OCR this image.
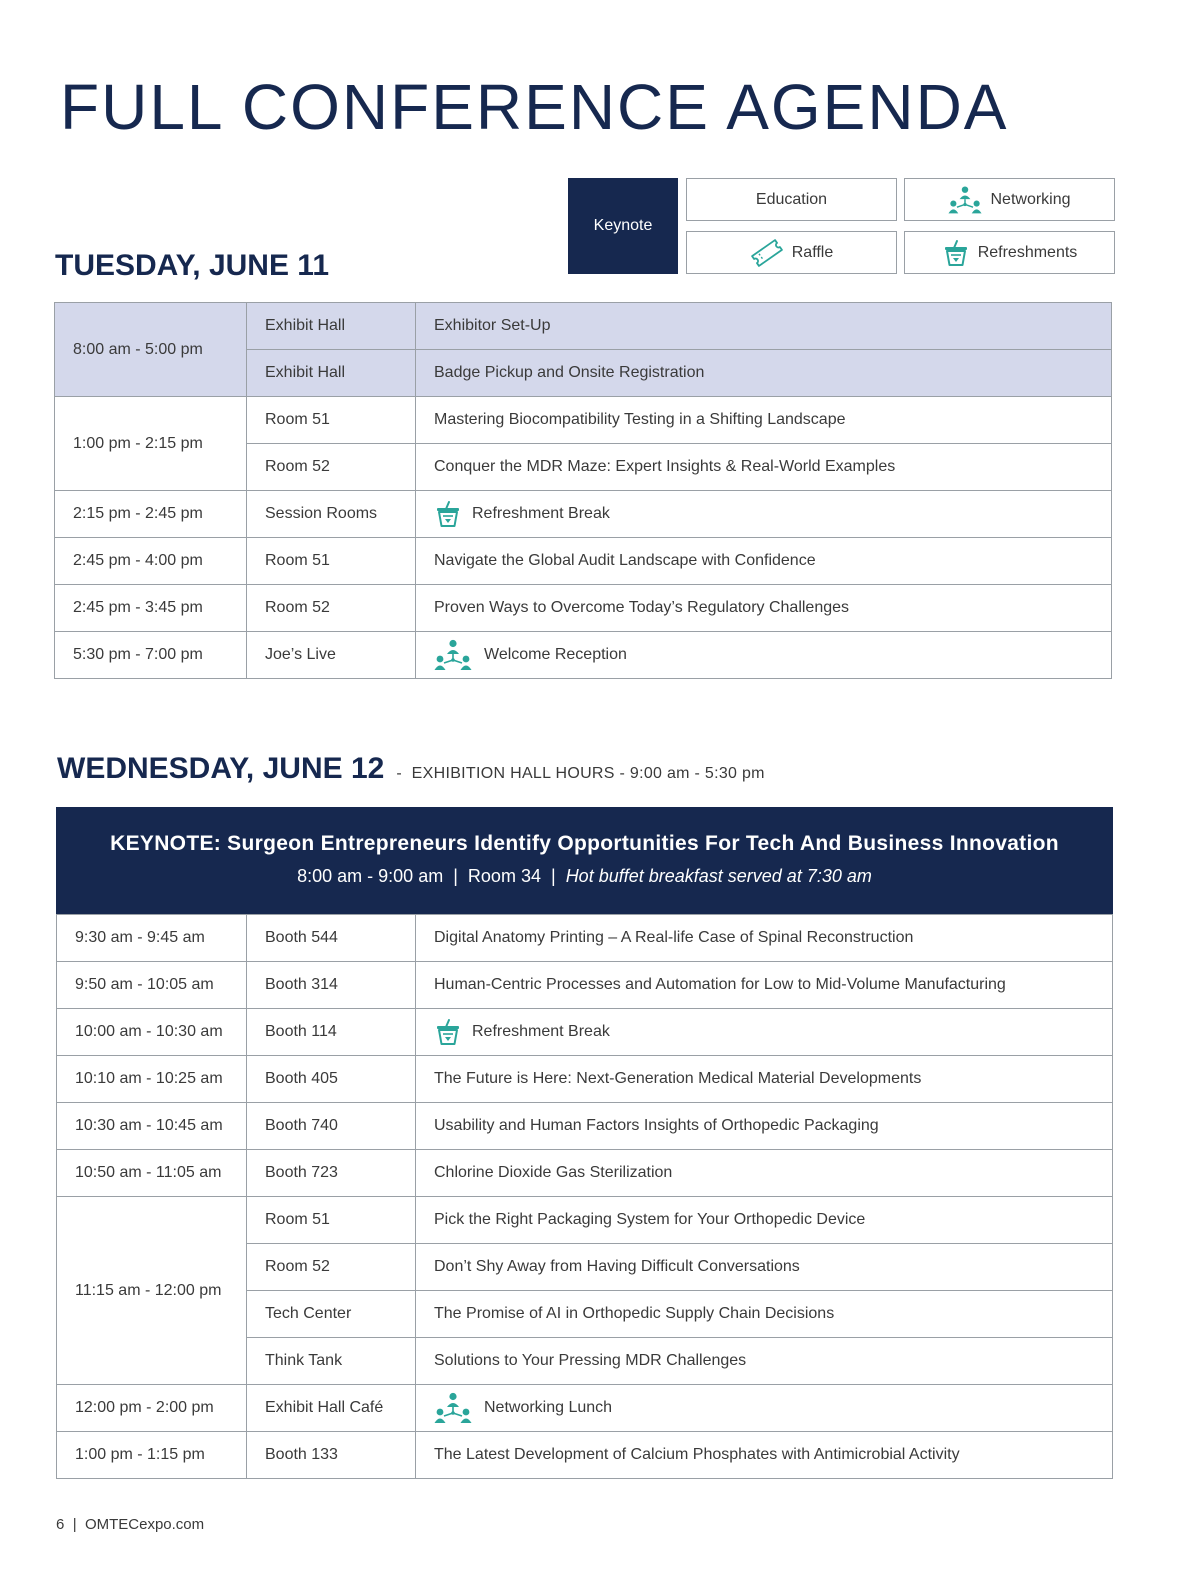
FULL CONFERENCE AGENDA
Keynote
Education	Networking
Raffle	Refreshments
TUESDAY, JUNE 11
8:00 am - 5:00 pm	Exhibit Hall	Exhibitor Set-Up
	Exhibit Hall	Badge Pickup and Onsite Registration
1:00 pm - 2:15 pm	Room 51	Mastering Biocompatibility Testing in a Shifting Landscape
	Room 52	Conquer the MDR Maze: Expert Insights & Real-World Examples
2:15 pm - 2:45 pm	Session Rooms	Refreshment Break

2:45 pm - 4:00 pm	Room 51	Navigate the Global Audit Landscape with Confidence
2:45 pm - 3:45 pm	Room 52	Proven Ways to Overcome Today’s Regulatory Challenges
5:30 pm - 7:00 pm	Joe’s Live	Welcome Reception
WEDNESDAY, JUNE 12 - EXHIBITION HALL HOURS - 9:00 am - 5:30 pm
KEYNOTE: Surgeon Entrepreneurs Identify Opportunities For Tech And Business Innovation
8:00 am - 9:00 am | Room 34 | Hot buffet breakfast served at 7:30 am
9:30 am - 9:45 am	Booth 544	Digital Anatomy Printing – A Real-life Case of Spinal Reconstruction
9:50 am - 10:05 am	Booth 314	Human-Centric Processes and Automation for Low to Mid-Volume Manufacturing
10:00 am - 10:30 am	Booth 114	Refreshment Break

10:10 am - 10:25 am	Booth 405	The Future is Here: Next-Generation Medical Material Developments
10:30 am - 10:45 am	Booth 740	Usability and Human Factors Insights of Orthopedic Packaging
10:50 am - 11:05 am	Booth 723	Chlorine Dioxide Gas Sterilization
11:15 am - 12:00 pm	Room 51	Pick the Right Packaging System for Your Orthopedic Device
	Room 52	Don’t Shy Away from Having Difficult Conversations
	Tech Center	The Promise of AI in Orthopedic Supply Chain Decisions
	Think Tank	Solutions to Your Pressing MDR Challenges
12:00 pm - 2:00 pm	Exhibit Hall Café	Networking Lunch

1:00 pm - 1:15 pm	Booth 133	The Latest Development of Calcium Phosphates with Antimicrobial Activity
6 | OMTECexpo.com
